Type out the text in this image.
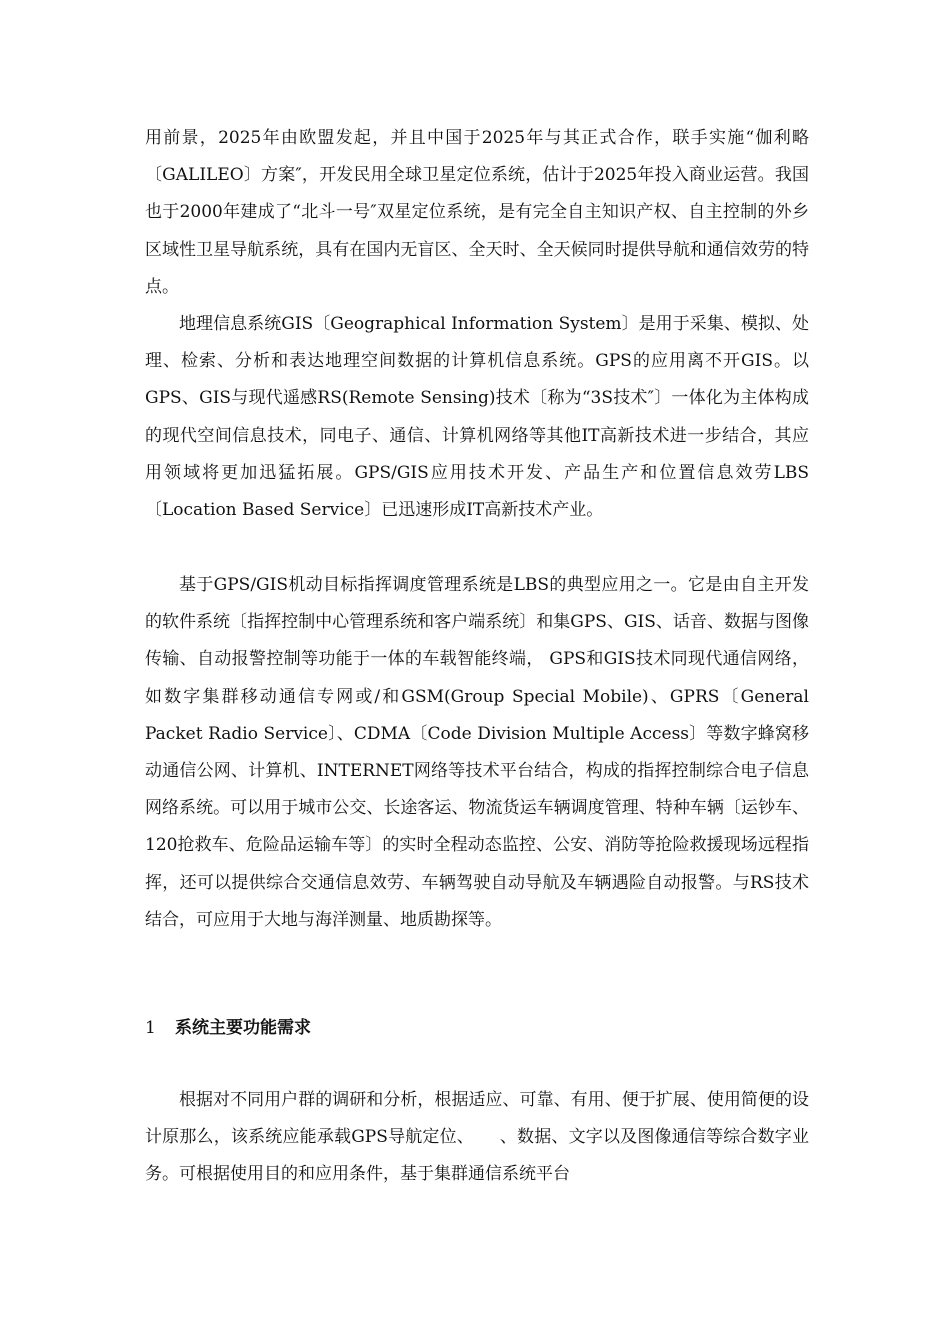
用前景，2025年由欧盟发起，并且中国于2025年与其正式合作，联手实施“伽利略〔GALILEO〕方案″，开发民用全球卫星定位系统，估计于2025年投入商业运营。我国也于2000年建成了“北斗一号″双星定位系统，是有完全自主知识产权、自主控制的外乡区域性卫星导航系统，具有在国内无盲区、全天时、全天候同时提供导航和通信效劳的特点。

地理信息系统GIS〔Geographical Information System〕是用于采集、模拟、处理、检索、分析和表达地理空间数据的计算机信息系统。GPS的应用离不开GIS。以GPS、GIS与现代遥感RS(Remote Sensing)技术〔称为“3S技术″〕一体化为主体构成的现代空间信息技术，同电子、通信、计算机网络等其他IT高新技术进一步结合，其应用领域将更加迅猛拓展。GPS/GIS应用技术开发、产品生产和位置信息效劳LBS〔Location Based Service〕已迅速形成IT高新技术产业。

基于GPS/GIS机动目标指挥调度管理系统是LBS的典型应用之一。它是由自主开发的软件系统〔指挥控制中心管理系统和客户端系统〕和集GPS、GIS、话音、数据与图像传输、自动报警控制等功能于一体的车载智能终端， GPS和GIS技术同现代通信网络，如数字集群移动通信专网或/和GSM(Group Special Mobile)、GPRS〔General Packet Radio Service〕、CDMA〔Code Division Multiple Access〕等数字蜂窝移动通信公网、计算机、INTERNET网络等技术平台结合，构成的指挥控制综合电子信息网络系统。可以用于城市公交、长途客运、物流货运车辆调度管理、特种车辆〔运钞车、120抢救车、危险品运输车等〕的实时全程动态监控、公安、消防等抢险救援现场远程指挥，还可以提供综合交通信息效劳、车辆驾驶自动导航及车辆遇险自动报警。与RS技术结合，可应用于大地与海洋测量、地质勘探等。

1 系统主要功能需求

根据对不同用户群的调研和分析，根据适应、可靠、有用、便于扩展、使用简便的设计原那么，该系统应能承载GPS导航定位、　　、数据、文字以及图像通信等综合数字业务。可根据使用目的和应用条件，基于集群通信系统平台
